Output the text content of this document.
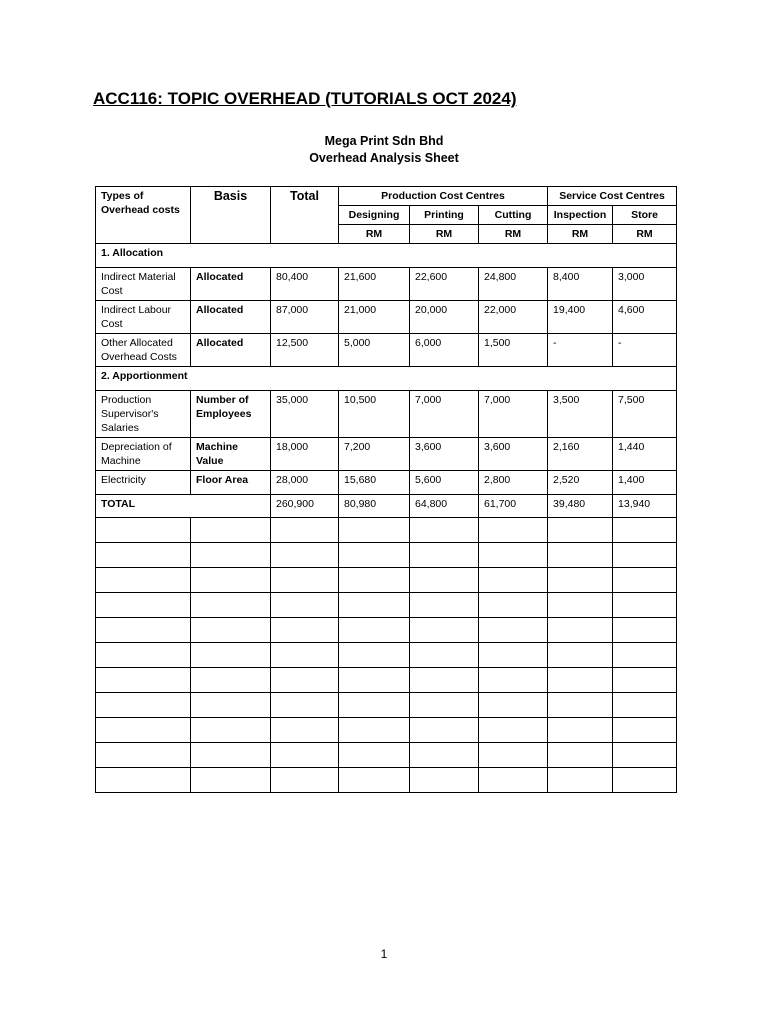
ACC116: TOPIC OVERHEAD (TUTORIALS OCT 2024)
Mega Print Sdn Bhd
Overhead Analysis Sheet
Types of
Overhead costs	Basis	Total	Production Cost Centres			Service Cost Centres	
			Designing	Printing	Cutting	Inspection	Store
			RM	RM	RM	RM	RM
1. Allocation							
Indirect Material Cost	Allocated	80,400	21,600	22,600	24,800	8,400	3,000
Indirect Labour Cost	Allocated	87,000	21,000	20,000	22,000	19,400	4,600
Other Allocated Overhead Costs	Allocated	12,500	5,000	6,000	1,500	-	-
2. Apportionment							
Production Supervisor's Salaries	Number of Employees	35,000	10,500	7,000	7,000	3,500	7,500
Depreciation of Machine	Machine Value	18,000	7,200	3,600	3,600	2,160	1,440
Electricity	Floor Area	28,000	15,680	5,600	2,800	2,520	1,400
TOTAL		260,900	80,980	64,800	61,700	39,480	13,940

1
